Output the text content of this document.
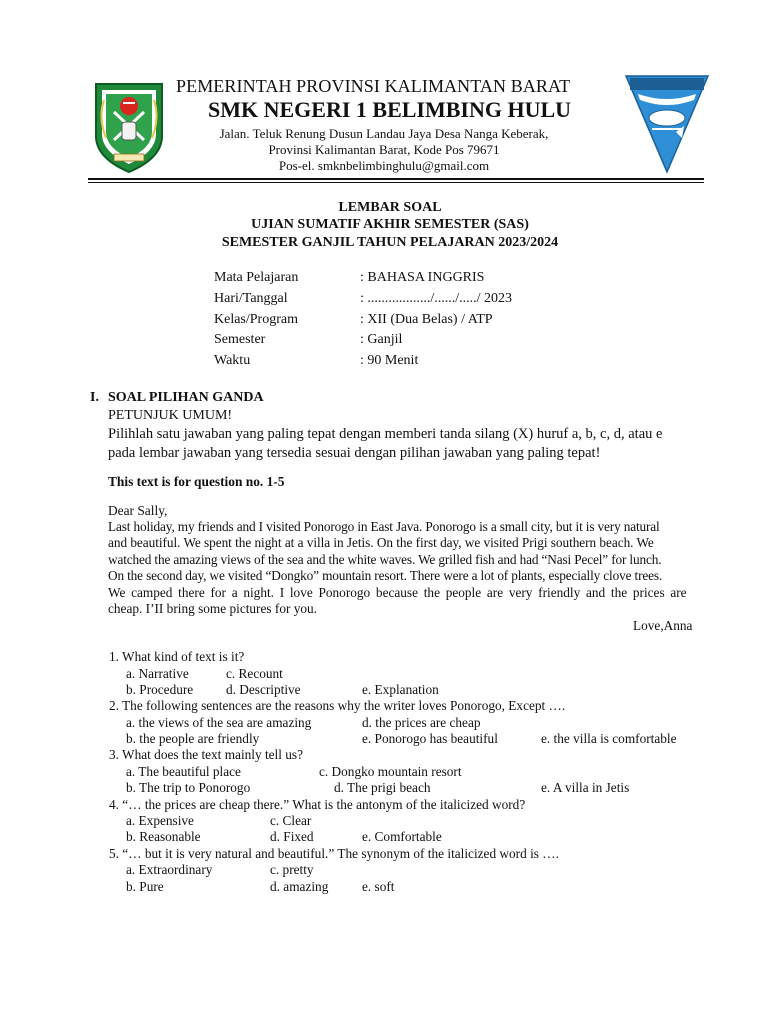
PEMERINTAH PROVINSI KALIMANTAN BARAT
SMK NEGERI 1 BELIMBING HULU
Jalan. Teluk Renung Dusun Landau Jaya Desa Nanga Keberak,
Provinsi Kalimantan Barat, Kode Pos 79671
Pos-el. smknbelimbinghulu@gmail.com
LEMBAR SOAL
UJIAN SUMATIF AKHIR SEMESTER (SAS)
SEMESTER GANJIL TAHUN PELAJARAN 2023/2024
Mata Pelajaran	: BAHASA INGGRIS
Hari/Tanggal	: ................../....../...../ 2023
Kelas/Program	: XII (Dua Belas) / ATP
Semester	: Ganjil
Waktu	: 90 Menit
I. SOAL PILIHAN GANDA
PETUNJUK UMUM!
Pilihlah satu jawaban yang paling tepat dengan memberi tanda silang (X) huruf a, b, c, d, atau e
pada lembar jawaban yang tersedia sesuai dengan pilihan jawaban yang paling tepat!
This text is for question no. 1-5
Dear Sally,
Last holiday, my friends and I visited Ponorogo in East Java. Ponorogo is a small city, but it is very natural
and beautiful. We spent the night at a villa in Jetis. On the first day, we visited Prigi southern beach. We
watched the amazing views of the sea and the white waves. We grilled fish and had “Nasi Pecel” for lunch.
On the second day, we visited “Dongko” mountain resort. There were a lot of plants, especially clove trees.
We camped there for a night. I love Ponorogo because the people are very friendly and the prices are
cheap. I’II bring some pictures for you.
Love,Anna
1. What kind of text is it?
a. Narrative	c. Recount
b. Procedure d. Descriptive	e. Explanation
2. The following sentences are the reasons why the writer loves Ponorogo, Except ….
a. the views of the sea are amazing	d. the prices are cheap
b. the people are friendly	e. Ponorogo has beautiful	e. the villa is comfortable
3. What does the text mainly tell us?
a. The beautiful place	c. Dongko mountain resort
b. The trip to Ponorogo	d. The prigi beach	e. A villa in Jetis
4. “… the prices are cheap there.” What is the antonym of the italicized word?
a. Expensive	c. Clear
b. Reasonable	d. Fixed	e. Comfortable
5. “… but it is very natural and beautiful.” The synonym of the italicized word is ….
a. Extraordinary	c. pretty
b. Pure	d. amazing	e. soft
